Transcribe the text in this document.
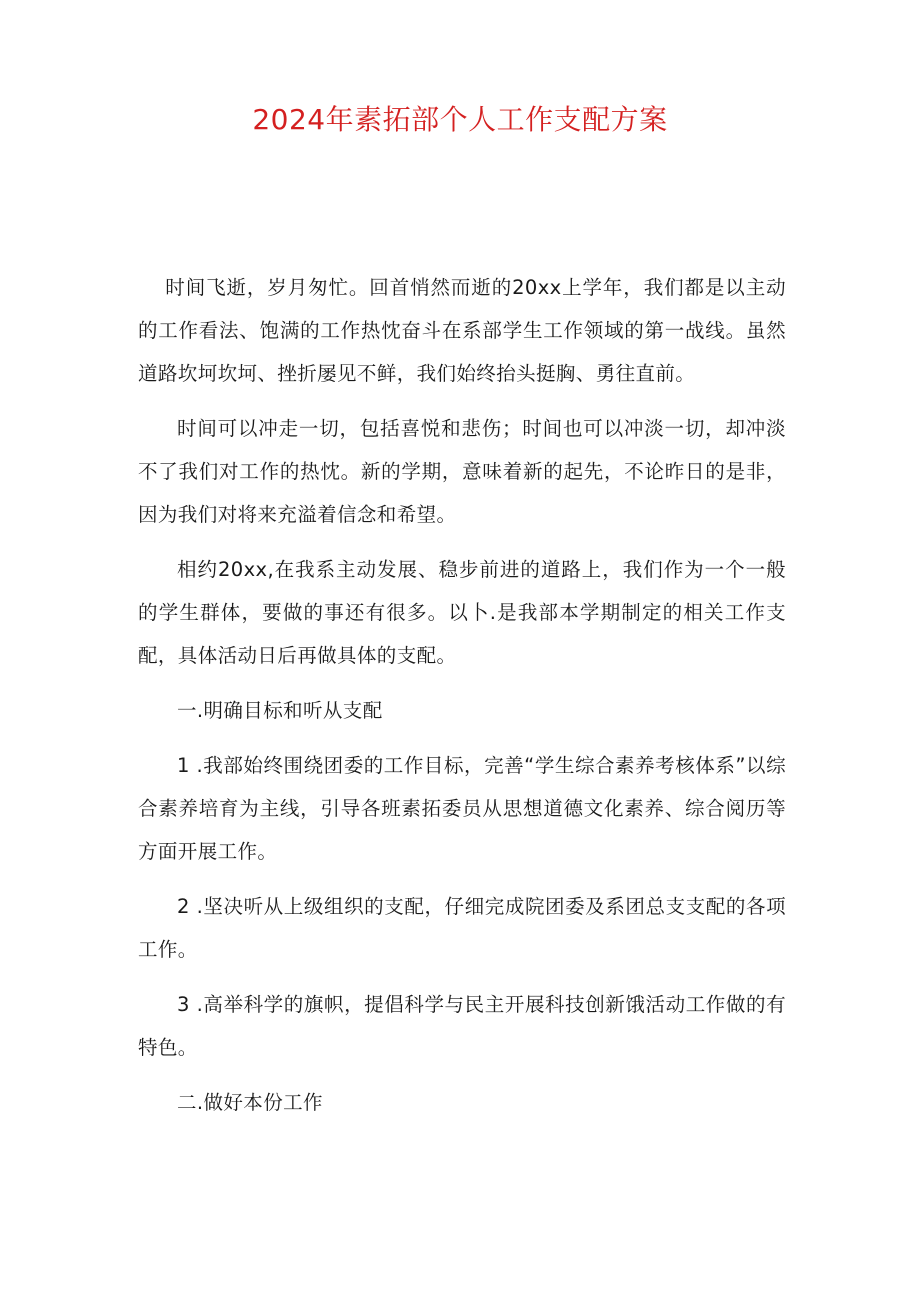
2024年素拓部个人工作支配方案

时间飞逝，岁月匆忙。回首悄然而逝的20xx上学年，我们都是以主动的工作看法、饱满的工作热忱奋斗在系部学生工作领域的第一战线。虽然道路坎坷坎坷、挫折屡见不鲜，我们始终抬头挺胸、勇往直前。

时间可以冲走一切，包括喜悦和悲伤；时间也可以冲淡一切，却冲淡不了我们对工作的热忱。新的学期，意味着新的起先，不论昨日的是非，因为我们对将来充溢着信念和希望。

相约20xx,在我系主动发展、稳步前进的道路上，我们作为一个一般的学生群体，要做的事还有很多。以卜.是我部本学期制定的相关工作支配，具体活动日后再做具体的支配。

一.明确目标和听从支配

1 .我部始终围绕团委的工作目标，完善“学生综合素养考核体系”以综合素养培育为主线，引导各班素拓委员从思想道德文化素养、综合阅历等方面开展工作。

2 .坚决听从上级组织的支配，仔细完成院团委及系团总支支配的各项工作。

3 .高举科学的旗帜，提倡科学与民主开展科技创新饿活动工作做的有特色。

二.做好本份工作
